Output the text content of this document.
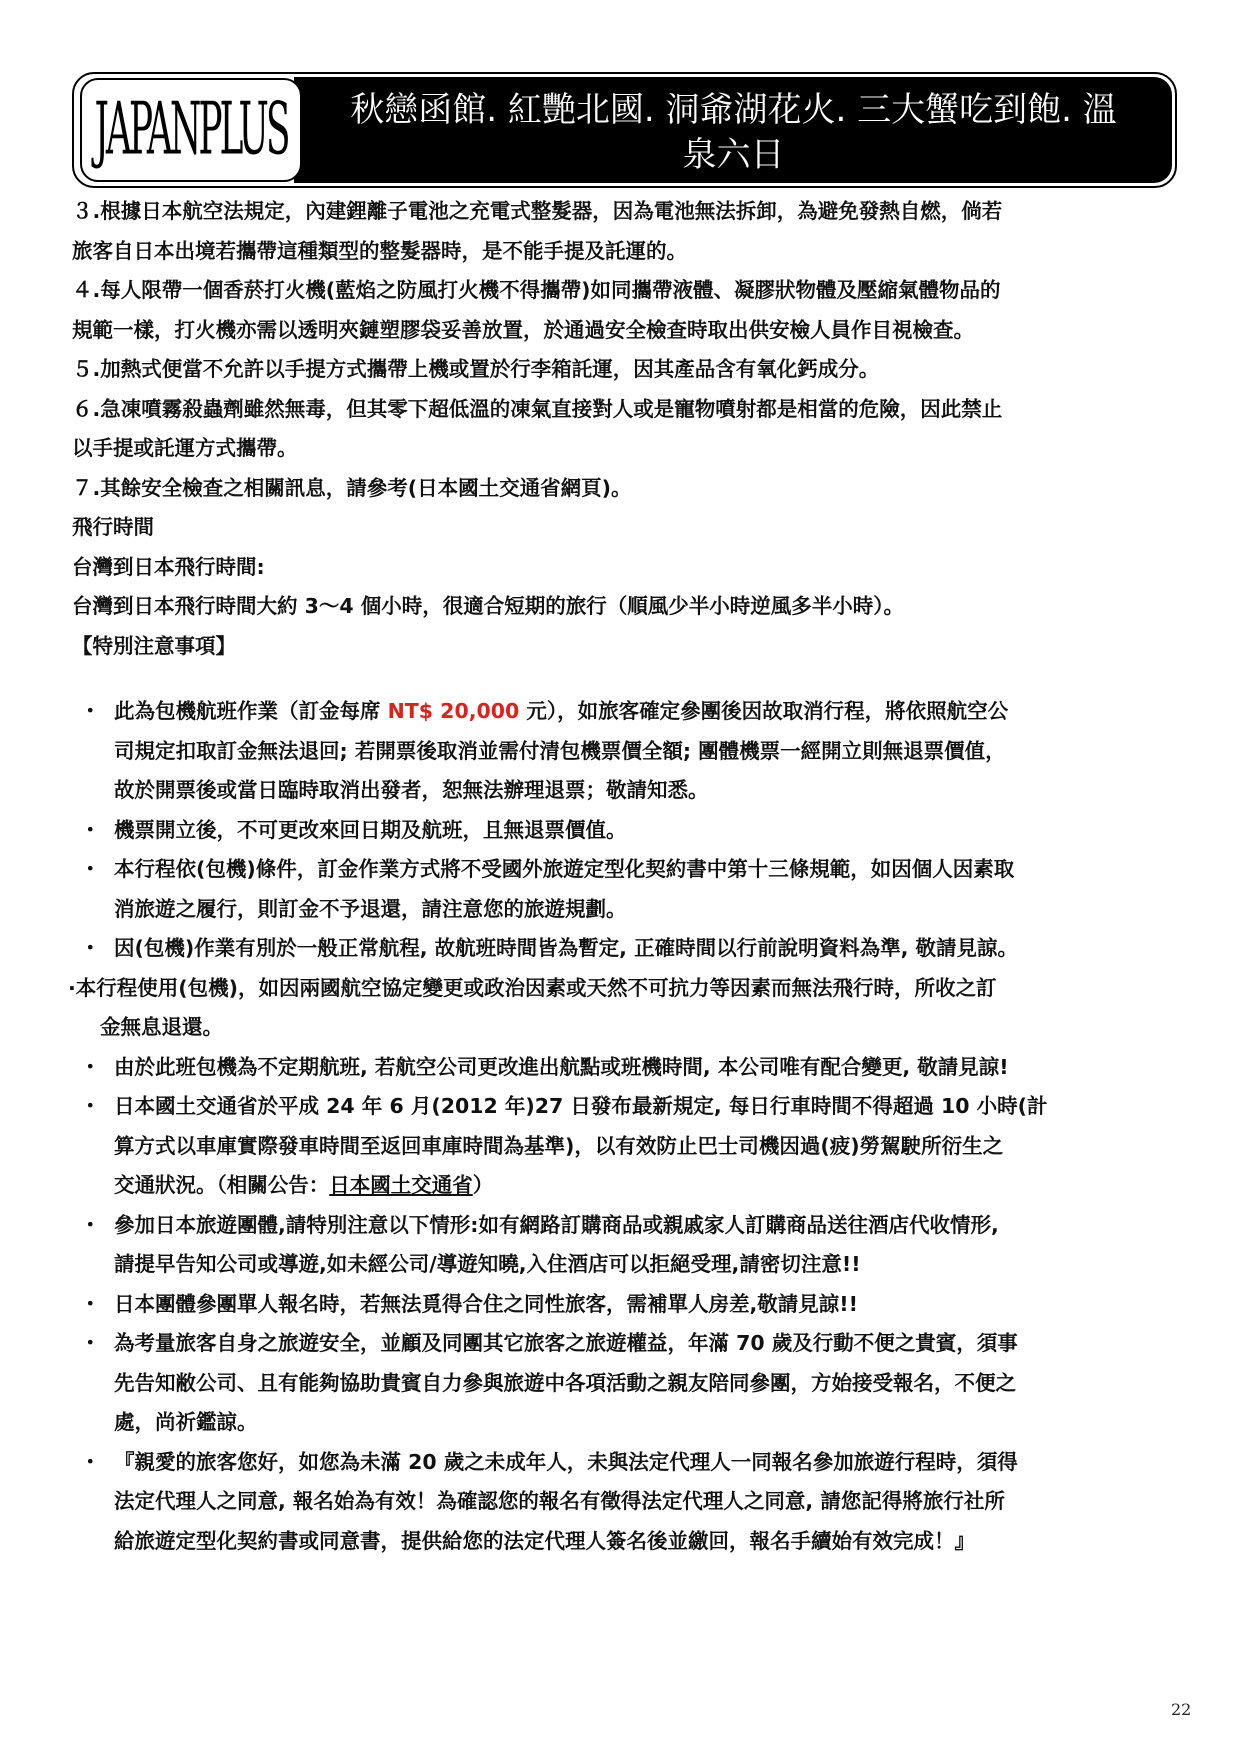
JAPANPLUS	秋戀函館. 紅艷北國. 洞爺湖花火. 三大蟹吃到飽. 溫
泉六日

３.根據日本航空法規定，內建鋰離子電池之充電式整髮器，因為電池無法拆卸，為避免發熱自燃，倘若

旅客自日本出境若攜帶這種類型的整髮器時，是不能手提及託運的。

４.每人限帶一個香菸打火機(藍焰之防風打火機不得攜帶)如同攜帶液體、凝膠狀物體及壓縮氣體物品的

規範一樣，打火機亦需以透明夾鏈塑膠袋妥善放置，於通過安全檢查時取出供安檢人員作目視檢查。

５.加熱式便當不允許以手提方式攜帶上機或置於行李箱託運，因其產品含有氧化鈣成分。

６.急凍噴霧殺蟲劑雖然無毒，但其零下超低溫的凍氣直接對人或是寵物噴射都是相當的危險，因此禁止

以手提或託運方式攜帶。

７.其餘安全檢查之相關訊息，請參考(日本國土交通省網頁)。

飛行時間

台灣到日本飛行時間:

台灣到日本飛行時間大約 3～4 個小時，很適合短期的旅行（順風少半小時逆風多半小時）。

【特別注意事項】

・ 此為包機航班作業（訂金每席 NT$ 20,000 元），如旅客確定參團後因故取消行程，將依照航空公

司規定扣取訂金無法退回; 若開票後取消並需付清包機票價全額; 團體機票一經開立則無退票價值，

故於開票後或當日臨時取消出發者，恕無法辦理退票；敬請知悉。

・ 機票開立後，不可更改來回日期及航班，且無退票價值。

・ 本行程依(包機)條件，訂金作業方式將不受國外旅遊定型化契約書中第十三條規範，如因個人因素取

消旅遊之履行，則訂金不予退還，請注意您的旅遊規劃。

・ 因(包機)作業有別於一般正常航程, 故航班時間皆為暫定, 正確時間以行前說明資料為準, 敬請見諒。

·本行程使用(包機)，如因兩國航空協定變更或政治因素或天然不可抗力等因素而無法飛行時，所收之訂

金無息退還。

・ 由於此班包機為不定期航班, 若航空公司更改進出航點或班機時間, 本公司唯有配合變更, 敬請見諒!

・ 日本國土交通省於平成 24 年 6 月(2012 年)27 日發布最新規定, 每日行車時間不得超過 10 小時(計

算方式以車庫實際發車時間至返回車庫時間為基準)，以有效防止巴士司機因過(疲)勞駕駛所衍生之

交通狀況。（相關公告：日本國土交通省）

・ 參加日本旅遊團體,請特別注意以下情形:如有網路訂購商品或親戚家人訂購商品送往酒店代收情形,

請提早告知公司或導遊,如未經公司/導遊知曉,入住酒店可以拒絕受理,請密切注意!!

・ 日本團體參團單人報名時，若無法覓得合住之同性旅客，需補單人房差,敬請見諒!!

・ 為考量旅客自身之旅遊安全，並顧及同團其它旅客之旅遊權益，年滿 70 歲及行動不便之貴賓，須事

先告知敝公司、且有能夠協助貴賓自力參與旅遊中各項活動之親友陪同參團，方始接受報名，不便之

處，尚祈鑑諒。

・ 『親愛的旅客您好，如您為未滿 20 歲之未成年人，未與法定代理人一同報名參加旅遊行程時，須得

法定代理人之同意, 報名始為有效！為確認您的報名有徵得法定代理人之同意, 請您記得將旅行社所

給旅遊定型化契約書或同意書，提供給您的法定代理人簽名後並繳回，報名手續始有效完成！』

22
